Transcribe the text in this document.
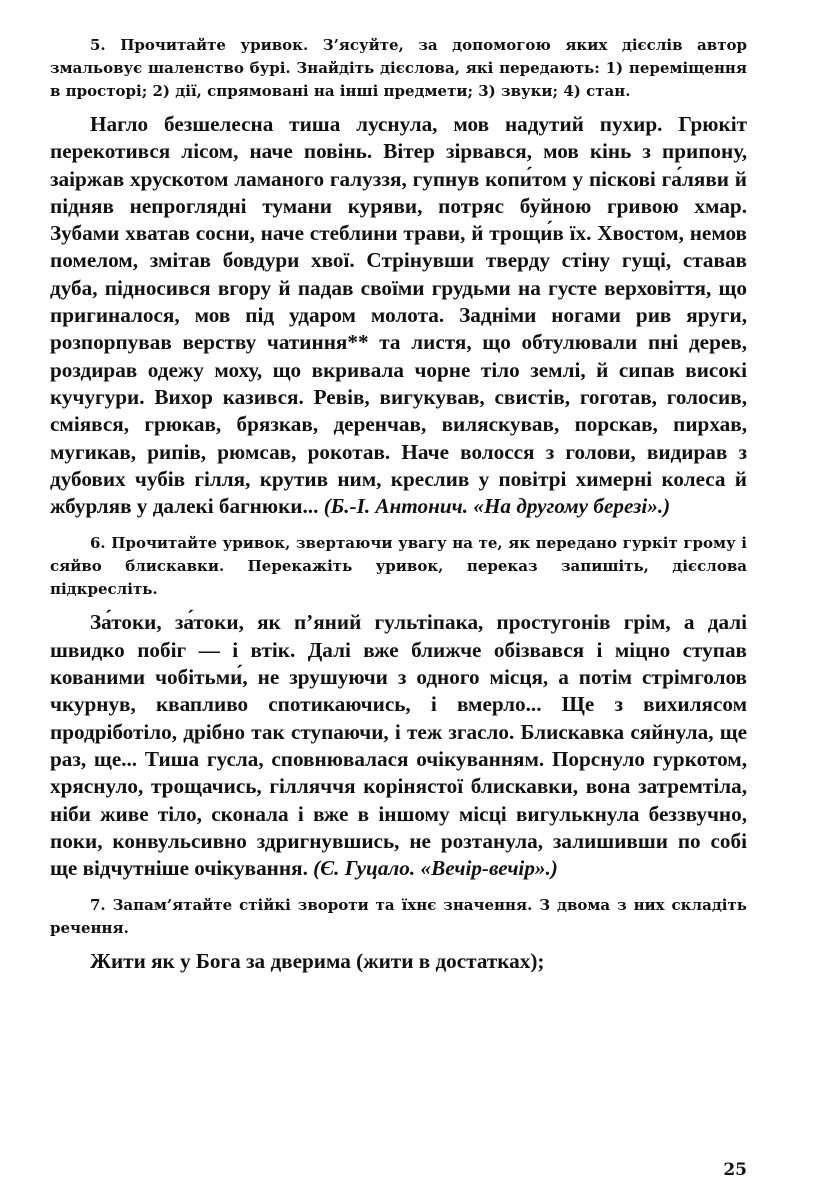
5. Прочитайте уривок. З’ясуйте, за допомогою яких дієслів автор змальовує шаленство бурі. Знайдіть дієслова, які передають: 1) переміщення в просторі; 2) дії, спрямовані на інші предмети; 3) звуки; 4) стан.

Нагло безшелесна тиша луснула, мов надутий пухир. Грюкіт перекотився лісом, наче повінь. Вітер зірвався, мов кінь з припону, заіржав хрускотом ламаного галуззя, гупнув копи́том у піскові га́ляви й підняв непроглядні тумани куряви, потряс буйною гривою хмар. Зубами хватав сосни, наче стеблини трави, й трощи́в їх. Хвостом, немов помелом, змітав бовдури хвої. Стрінувши тверду стіну гущі, ставав дуба, підносився вгору й падав своїми грудьми на густе верховіття, що пригиналося, мов під ударом молота. Задніми ногами рив яруги, розпорпував верству чатиння** та листя, що обтулювали пні дерев, роздирав одежу моху, що вкривала чорне тіло землі, й сипав високі кучугури. Вихор казився. Ревів, вигукував, свистів, гоготав, голосив, сміявся, грюкав, брязкав, деренчав, виляскував, порскав, пирхав, мугикав, рипів, рюмсав, рокотав. Наче волосся з голови, видирав з дубових чубів гілля, крутив ним, креслив у повітрі химерні колеса й жбурляв у далекі багнюки... (Б.-І. Антонич. «На другому березі».)

6. Прочитайте уривок, звертаючи увагу на те, як передано гуркіт грому і сяйво блискавки. Перекажіть уривок, переказ запишіть, дієслова підкресліть.

За́токи, за́токи, як п’яний гультіпака, простугонів грім, а далі швидко побіг — і втік. Далі вже ближче обізвався і міцно ступав кованими чобітьми́, не зрушуючи з одного місця, а потім стрімголов чкурнув, квапливо спотикаючись, і вмерло... Ще з вихилясом продріботіло, дрібно так ступаючи, і теж згасло. Блискавка сяйнула, ще раз, ще... Тиша гусла, сповнювалася очікуванням. Порснуло гуркотом, хряснуло, трощачись, гілляччя корінястої блискавки, вона затремтіла, ніби живе тіло, сконала і вже в іншому місці вигулькнула беззвучно, поки, конвульсивно здригнувшись, не розтанула, залишивши по собі ще відчутніше очікування. (Є. Гуцало. «Вечір-вечір».)

7. Запам’ятайте стійкі звороти та їхнє значення. З двома з них складіть речення.

Жити як у Бога за дверима (жити в достатках);

25
